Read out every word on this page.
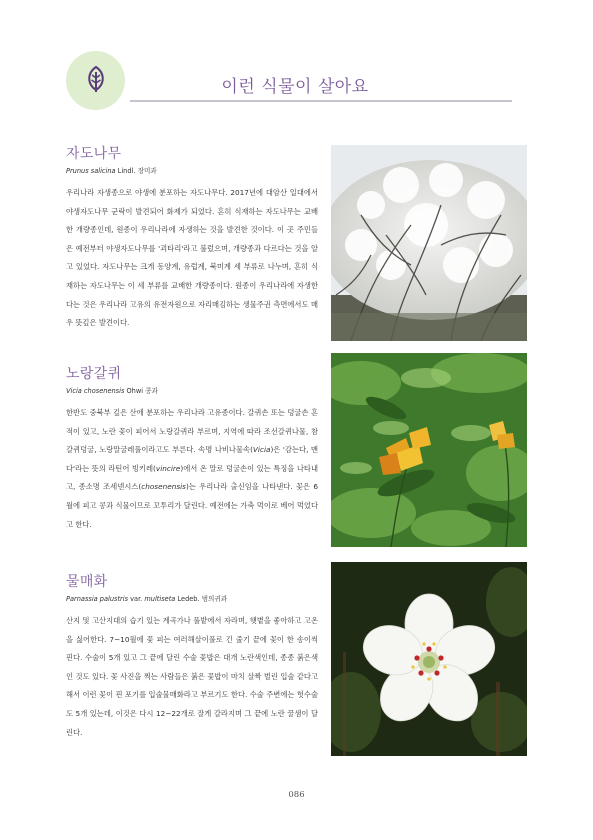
이런 식물이 살아요
자도나무
Prunus salicina Lindl. 장미과

우리나라 자생종으로 야생에 분포하는 자도나무다. 2017년에 대암산 일대에서 야생자도나무 군락이 발견되어 화제가 되었다. 흔히 식재하는 자도나무는 교배한 개량종인데, 원종이 우리나라에 자생하는 것을 발견한 것이다. 이 곳 주민들은 예전부터 야생자도나무를 '괴타리'라고 불렀으며, 개량종과 다르다는 것을 알고 있었다. 자도나무는 크게 동양계, 유럽계, 북미계 세 부류로 나누며, 흔히 식재하는 자도나무는 이 세 부류를 교배한 개량종이다. 원종이 우리나라에 자생한다는 것은 우리나라 고유의 유전자원으로 자리매김하는 생물주권 측면에서도 매우 뜻깊은 발견이다.

노랑갈퀴
Vicia chosenensis Ohwi 콩과

한반도 중북부 깊은 산에 분포하는 우리나라 고유종이다. 갈퀴손 또는 덩굴손 흔적이 있고, 노란 꽃이 피어서 노랑갈퀴라 부르며, 지역에 따라 조선갈퀴나물, 참갈퀴덩굴, 노랑말굴레풀이라고도 부른다. 속명 나비나물속(Vicia)은 '감는다, 맨다'라는 뜻의 라틴어 빙키레(vincire)에서 온 말로 덩굴손이 있는 특징을 나타내고, 종소명 조세넨시스(chosenensis)는 우리나라 출신임을 나타낸다. 꽃은 6월에 피고 콩과 식물이므로 꼬투리가 달린다. 예전에는 가축 먹이로 베어 먹었다고 한다.

물매화
Parnassia palustris var. multiseta Ledeb. 범의귀과

산지 및 고산지대의 습기 있는 계곡가나 풀밭에서 자라며, 햇볕을 좋아하고 고온을 싫어한다. 7~10월에 꽃 피는 여러해살이풀로 긴 줄기 끝에 꽃이 한 송이씩 핀다. 수술이 5개 있고 그 끝에 달린 수술 꽃밥은 대개 노란색인데, 종종 붉은색인 것도 있다. 꽃 사진을 찍는 사람들은 붉은 꽃밥이 마치 살짝 벌린 입술 같다고 해서 이런 꽃이 핀 포기를 입술물매화라고 부르기도 한다. 수술 주변에는 헛수술도 5개 있는데, 이것은 다시 12~22개로 잘게 갈라지며 그 끝에 노란 꿀샘이 달린다.

086
